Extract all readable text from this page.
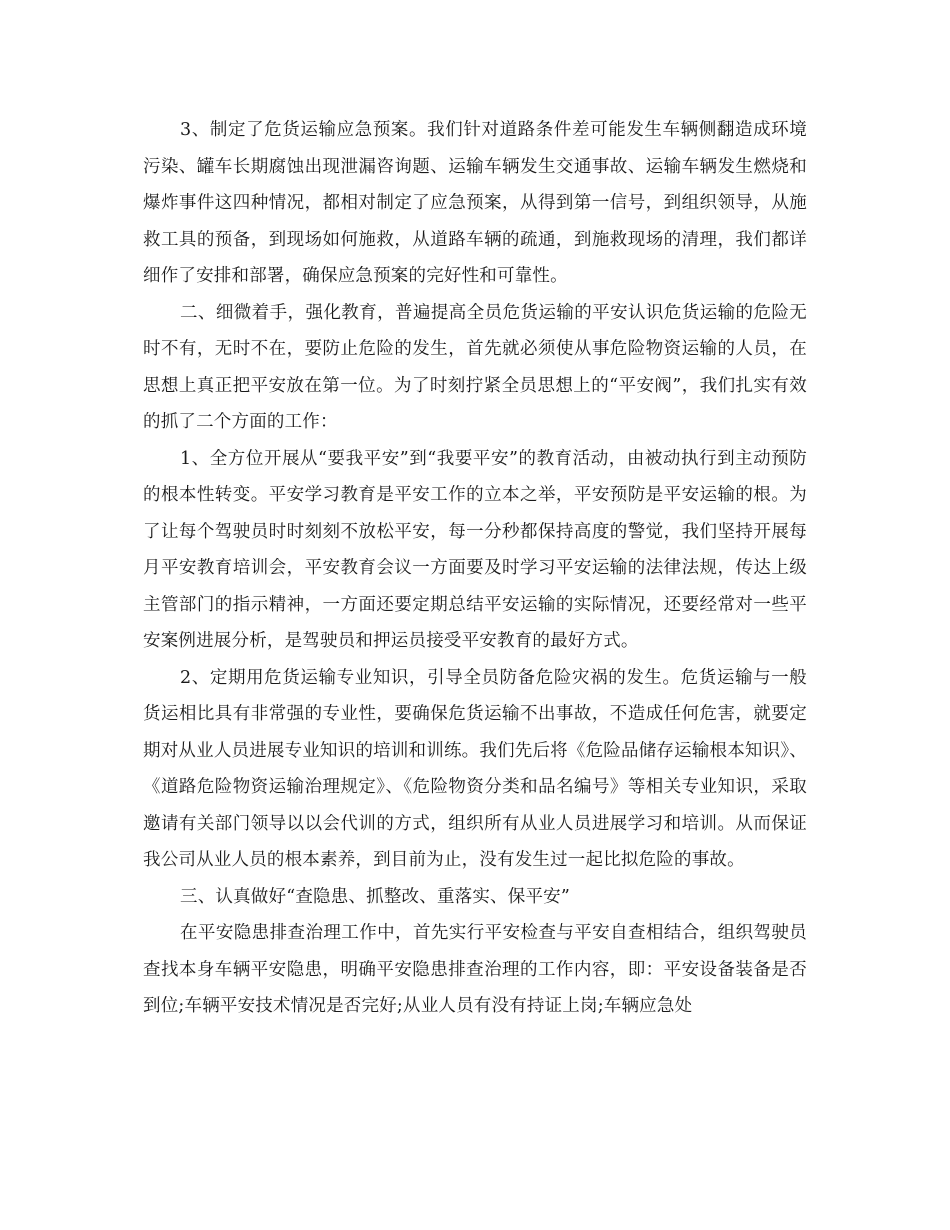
3、制定了危货运输应急预案。我们针对道路条件差可能发生车辆侧翻造成环境污染、罐车长期腐蚀出现泄漏咨询题、运输车辆发生交通事故、运输车辆发生燃烧和爆炸事件这四种情况，都相对制定了应急预案，从得到第一信号，到组织领导，从施救工具的预备，到现场如何施救，从道路车辆的疏通，到施救现场的清理，我们都详细作了安排和部署，确保应急预案的完好性和可靠性。

二、细微着手，强化教育，普遍提高全员危货运输的平安认识危货运输的危险无时不有，无时不在，要防止危险的发生，首先就必须使从事危险物资运输的人员，在思想上真正把平安放在第一位。为了时刻拧紧全员思想上的“平安阀”，我们扎实有效的抓了二个方面的工作：

1、全方位开展从“要我平安”到“我要平安”的教育活动，由被动执行到主动预防的根本性转变。平安学习教育是平安工作的立本之举，平安预防是平安运输的根。为了让每个驾驶员时时刻刻不放松平安，每一分秒都保持高度的警觉，我们坚持开展每月平安教育培训会，平安教育会议一方面要及时学习平安运输的法律法规，传达上级主管部门的指示精神，一方面还要定期总结平安运输的实际情况，还要经常对一些平安案例进展分析，是驾驶员和押运员接受平安教育的最好方式。

2、定期用危货运输专业知识，引导全员防备危险灾祸的发生。危货运输与一般货运相比具有非常强的专业性，要确保危货运输不出事故，不造成任何危害，就要定期对从业人员进展专业知识的培训和训练。我们先后将《危险品储存运输根本知识》、《道路危险物资运输治理规定》、《危险物资分类和品名编号》等相关专业知识，采取邀请有关部门领导以以会代训的方式，组织所有从业人员进展学习和培训。从而保证我公司从业人员的根本素养，到目前为止，没有发生过一起比拟危险的事故。

三、认真做好“查隐患、抓整改、重落实、保平安”

在平安隐患排查治理工作中，首先实行平安检查与平安自查相结合，组织驾驶员查找本身车辆平安隐患，明确平安隐患排查治理的工作内容，即：平安设备装备是否到位;车辆平安技术情况是否完好;从业人员有没有持证上岗;车辆应急处
